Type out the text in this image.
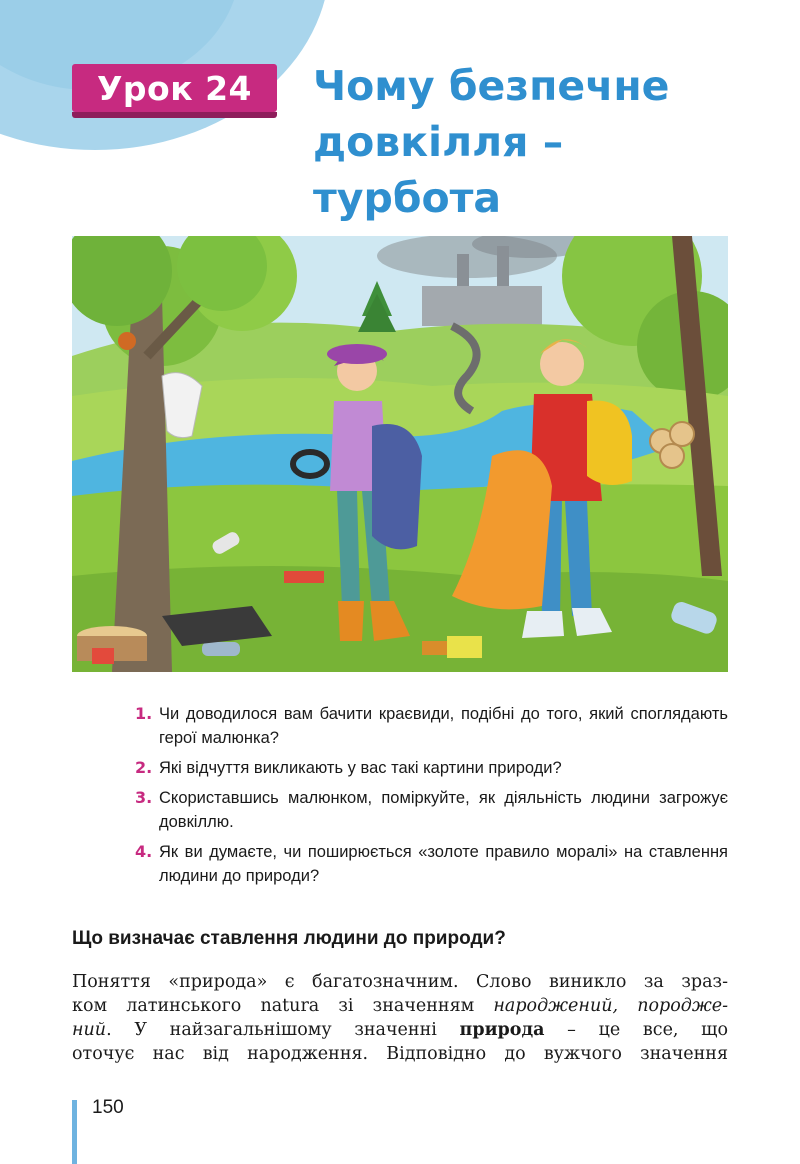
Урок 24	Чому безпечне
довкілля – турбота
1. Чи доводилося вам бачити краєвиди, подібні до того, який споглядають герої малюнка?
2. Які відчуття викликають у вас такі картини природи?
3. Скориставшись малюнком, поміркуйте, як діяльність людини загрожує довкіллю.
4. Як ви думаєте, чи поширюється «золоте правило моралі» на ставлення людини до природи?
Що визначає ставлення людини до природи?

Поняття «природа» є багатозначним. Слово виникло за зраз-
ком латинського natura зі значенням народжений, породже-
ний. У найзагальнішому значенні природа – це все, що
оточує нас від народження. Відповідно до вужчого значення

150
